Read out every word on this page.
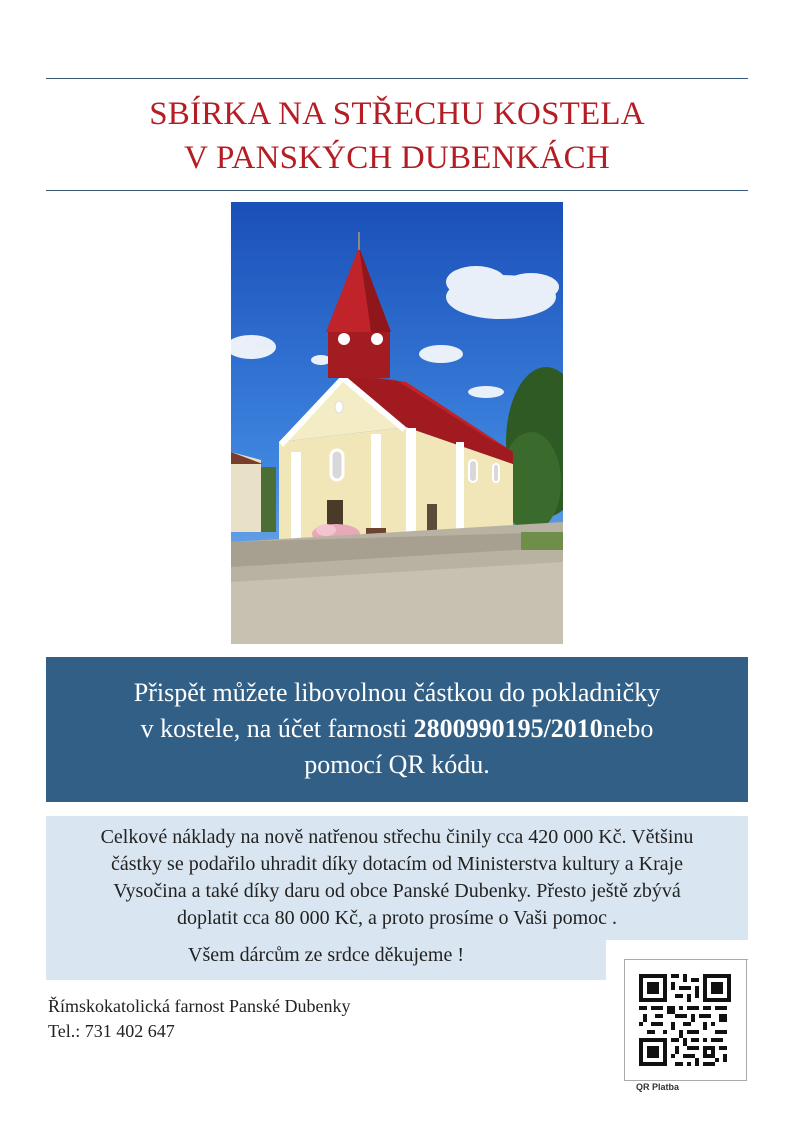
SBÍRKA NA STŘECHU KOSTELA
V PANSKÝCH DUBENKÁCH
Přispět můžete libovolnou částkou do pokladničky
v kostele, na účet farnosti 2800990195/2010nebo
pomocí QR kódu.
Celkové náklady na nově natřenou střechu činily cca 420 000 Kč. Většinu
částky se podařilo uhradit díky dotacím od Ministerstva kultury a Kraje
Vysočina a také díky daru od obce Panské Dubenky. Přesto ještě zbývá
doplatit cca 80 000 Kč, a proto prosíme o Vaši pomoc .
Všem dárcům ze srdce děkujeme !
Římskokatolická farnost Panské Dubenky
Tel.: 731 402 647
QR Platba
